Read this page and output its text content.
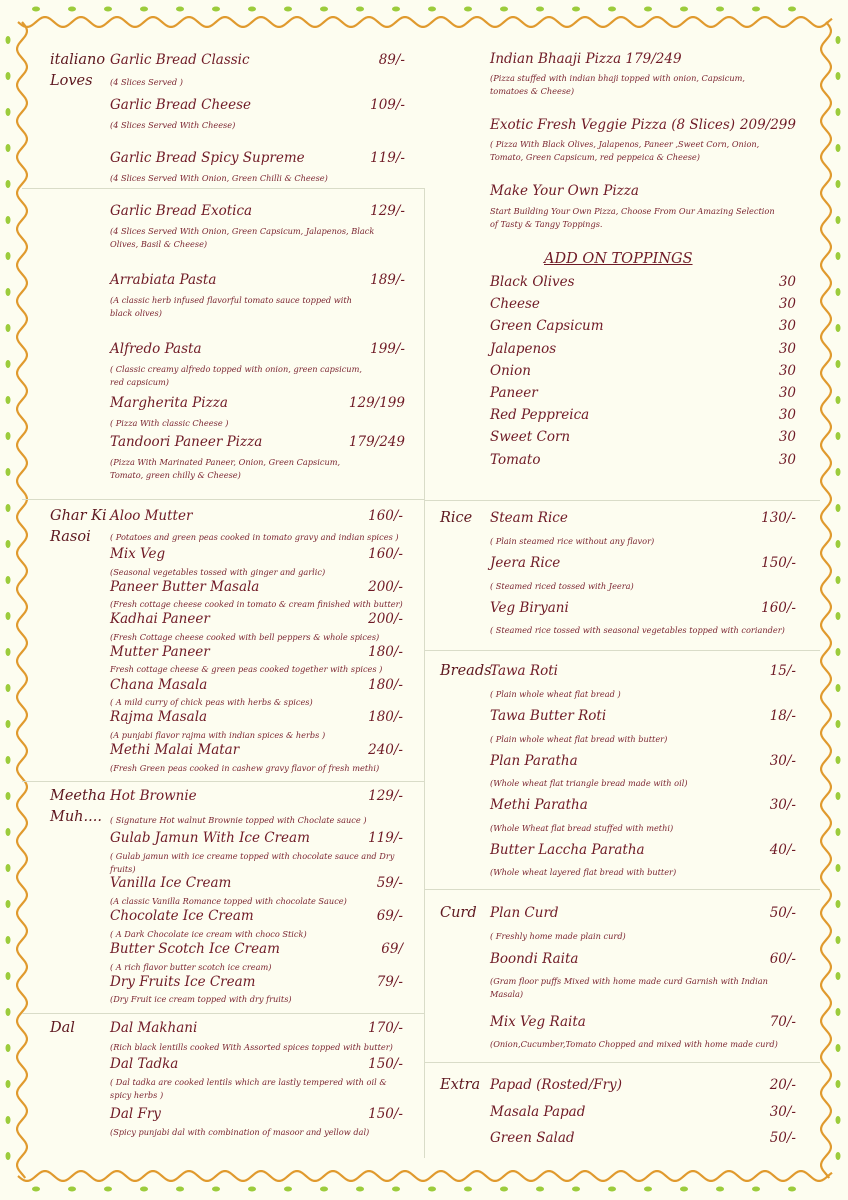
italiano
Loves
Garlic Bread Classic	89/-
(4 Slices Served )
Garlic Bread Cheese	109/-
(4 Slices Served With Cheese)
Garlic Bread Spicy Supreme	119/-
(4 Slices Served With Onion, Green Chilli & Cheese)
Garlic Bread Exotica	129/-
(4 Slices Served With Onion, Green Capsicum, Jalapenos, Black Olives, Basil & Cheese)
Arrabiata Pasta	189/-
(A classic herb infused flavorful tomato sauce topped with black olives)
Alfredo Pasta	199/-
( Classic creamy alfredo topped with onion, green capsicum, red capsicum)
Margherita Pizza	129/199
( Pizza With classic Cheese )
Tandoori Paneer Pizza	179/249
(Pizza With Marinated Paneer, Onion, Green Capsicum, Tomato, green chilly & Cheese)
Ghar Ki
Rasoi
Aloo Mutter	160/-
( Potatoes and green peas cooked in tomato gravy and indian spices )
Mix Veg	160/-
(Seasonal vegetables tossed with ginger and garlic)
Paneer Butter Masala	200/-
(Fresh cottage cheese cooked in tomato & cream finished with butter)
Kadhai Paneer	200/-
(Fresh Cottage cheese cooked with bell peppers & whole spices)
Mutter Paneer	180/-
Fresh cottage cheese & green peas cooked together with spices )
Chana Masala	180/-
( A mild curry of chick peas with herbs & spices)
Rajma Masala	180/-
(A punjabi flavor rajma with indian spices & herbs )
Methi Malai Matar	240/-
(Fresh Green peas cooked in cashew gravy flavor of fresh methi)
Meetha
Muh....
Hot Brownie	129/-
( Signature Hot walnut Brownie topped with Choclate sauce )
Gulab Jamun With Ice Cream	119/-
( Gulab jamun with ice creame topped with chocolate sauce and Dry fruits)
Vanilla Ice Cream	59/-
(A classic Vanilla Romance topped with chocolate Sauce)
Chocolate Ice Cream	69/-
( A Dark Chocolate ice cream with choco Stick)
Butter Scotch Ice Cream	69/
( A rich flavor butter scotch ice cream)
Dry Fruits Ice Cream	79/-
(Dry Fruit ice cream topped with dry fruits)
Dal	Dal Makhani	170/-
(Rich black lentills cooked With Assorted spices topped with butter)
Dal Tadka	150/-
( Dal tadka are cooked lentils which are lastly tempered with oil & spicy herbs )
Dal Fry	150/-
(Spicy punjabi dal with combination of masoor and yellow dal)
Indian Bhaaji Pizza 179/249
(Pizza stuffed with indian bhaji topped with onion, Capsicum, tomatoes & Cheese)
Exotic Fresh Veggie Pizza (8 Slices) 209/299
( Pizza With Black Olives, Jalapenos, Paneer ,Sweet Corn, Onion, Tomato, Green Capsicum, red peppeica & Cheese)
Make Your Own Pizza
Start Building Your Own Pizza, Choose From Our Amazing Selection of Tasty & Tangy Toppings.
ADD ON TOPPINGS
Black Olives	30
Cheese	30
Green Capsicum	30
Jalapenos	30
Onion	30
Paneer	30
Red Peppreica	30
Sweet Corn	30
Tomato	30
Rice Steam Rice	130/-
( Plain steamed rice without any flavor)
Jeera Rice	150/-
( Steamed riced tossed with Jeera)
Veg Biryani	160/-
( Steamed rice tossed with seasonal vegetables topped with coriander)
Breads
Tawa Roti	15/-
( Plain whole wheat flat bread )
Tawa Butter Roti	18/-
( Plain whole wheat flat bread with butter)
Plan Paratha	30/-
(Whole wheat flat triangle bread made with oil)
Methi Paratha	30/-
(Whole Wheat flat bread stuffed with methi)
Butter Laccha Paratha	40/-
(Whole wheat layered flat bread with butter)
Curd Plan Curd	50/-
( Freshly home made plain curd)
Boondi Raita	60/-
(Gram floor puffs Mixed with home made curd Garnish with Indian Masala)
Mix Veg Raita	70/-
(Onion,Cucumber,Tomato Chopped and mixed with home made curd)
Extra Papad (Rosted/Fry)	20/-
Masala Papad	30/-
Green Salad	50/-
